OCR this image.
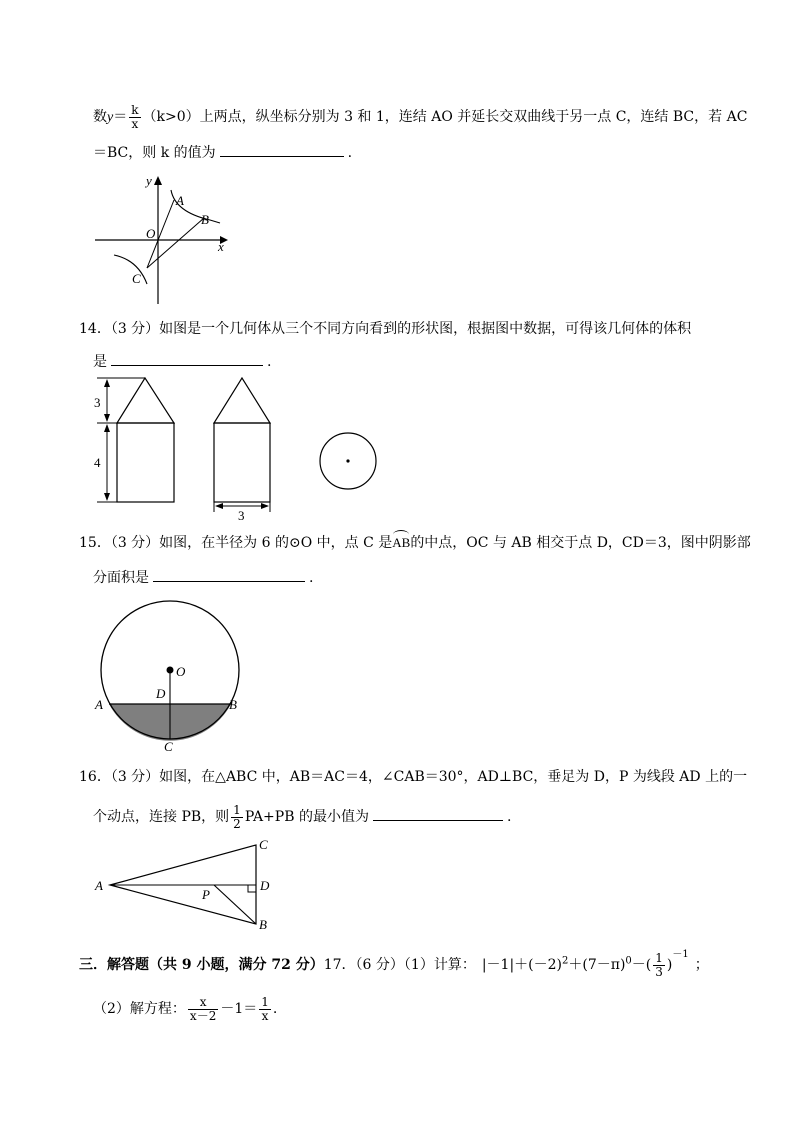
数$y= \frac{k}{x} (k>0)$上两点，纵坐标分别为 3 和 1，连结 AO 并延长交双曲线于另一点 C，连结 BC，若 AC
＝BC，则 k 的值为	.
y
A
B
O
x
C
14．（3 分）如图是一个几何体从三个不同方向看到的形状图，根据图中数据，可得该几何体的体积
是	.
3
4
3
15．（3 分）如图，在半径为 6 的⊙O 中，点 C 是
AB的中点，OC 与 AB 相交于点 D，CD＝3，图中阴影部
分面积是	.
O
D
A	B
C
16．（3 分）如图，在△ABC 中，AB＝AC＝4，∠CAB＝30°，AD⊥BC，垂足为 D，P 为线段 AD 上的一
个动点，连接 PB，则 $\frac{1}{2} PA+PB$ 的最小值为	.
A
C
D
P
B
三．解答题（共 9 小题，满分 72 分）17．（6 分）（1）计算： $|-1|+(-2)^2+(7-\pi)^0-( \frac{1}{3} )^{-1}$；
（2）解方程： $\frac{x}{x-2} -1= \frac{1}{x}$ .
